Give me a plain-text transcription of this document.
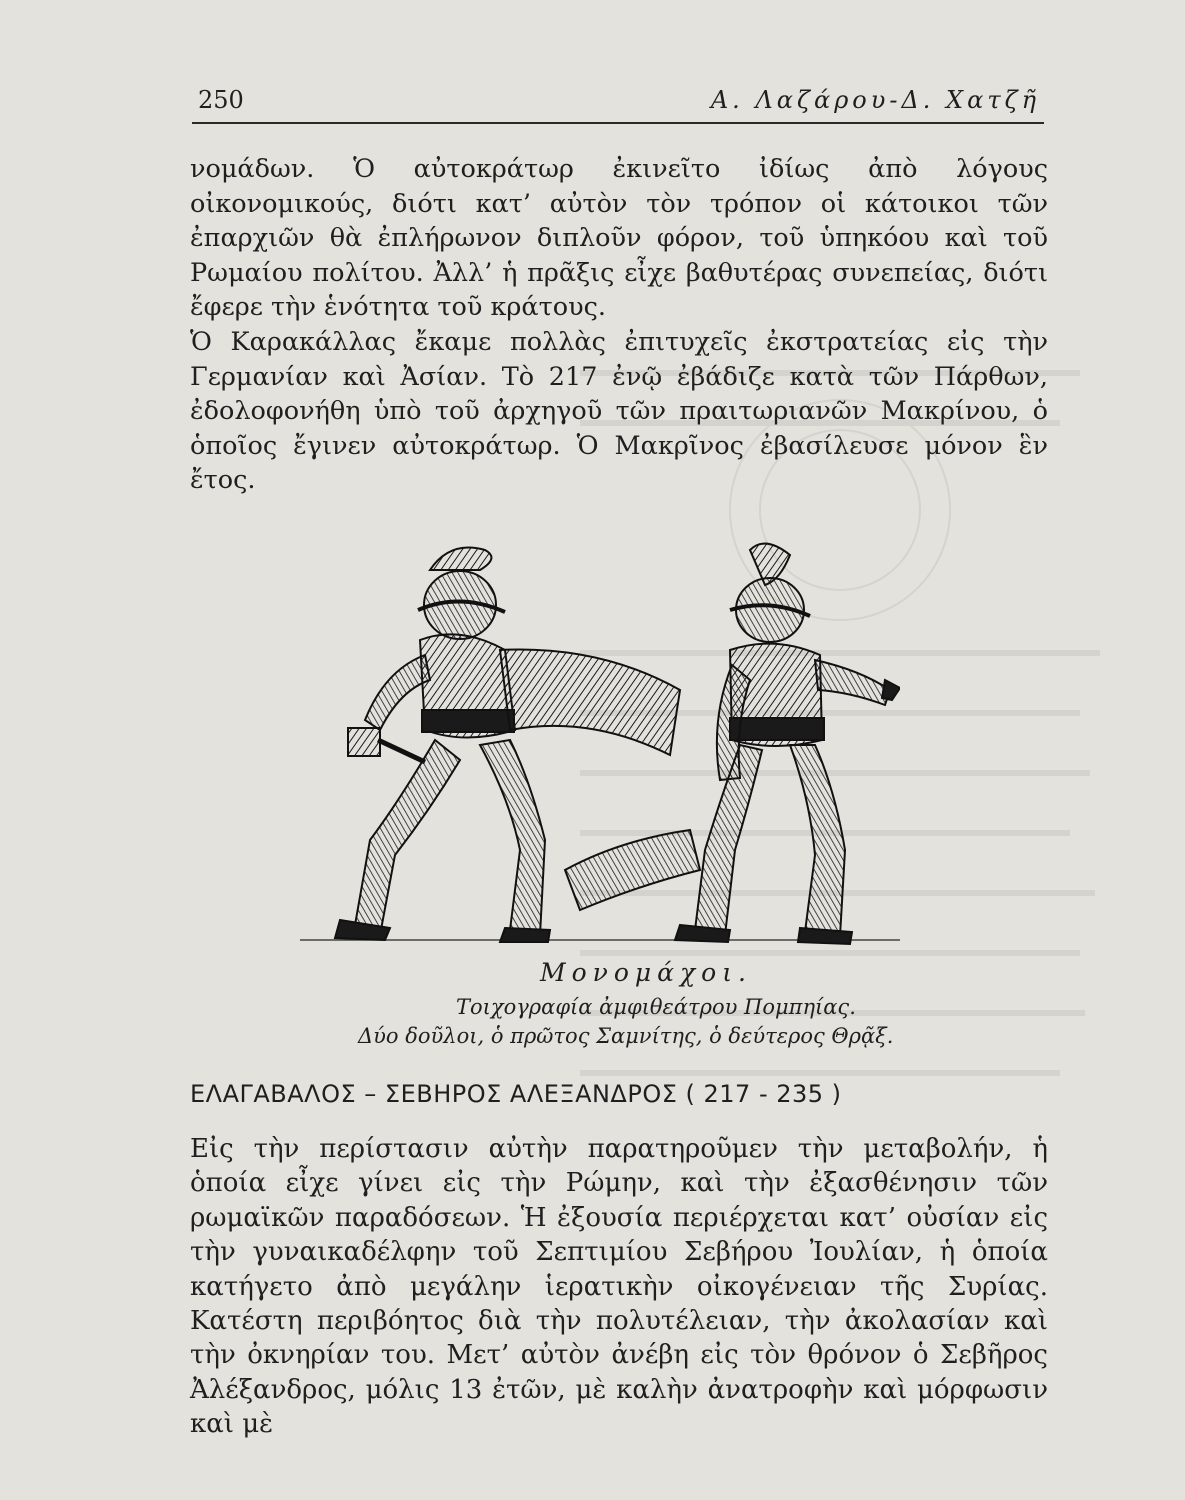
250	Α. Λαζάρου-Δ. Χατζῆ

νομάδων. Ὁ αὐτοκράτωρ ἐκινεῖτο ἰδίως ἀπὸ λόγους οἰκονομικούς, διότι κατ’ αὐτὸν τὸν τρόπον οἱ κάτοικοι τῶν ἐπαρχιῶν θὰ ἐπλήρωνον διπλοῦν φόρον, τοῦ ὑπηκόου καὶ τοῦ Ρωμαίου πολίτου. Ἀλλ’ ἡ πρᾶξις εἶχε βαθυτέρας συνεπείας, διότι ἔφερε τὴν ἑνότητα τοῦ κράτους.

Ὁ Καρακάλλας ἔκαμε πολλὰς ἐπιτυχεῖς ἐκστρατείας εἰς τὴν Γερμανίαν καὶ Ἀσίαν. Τὸ 217 ἐνῷ ἐβάδιζε κατὰ τῶν Πάρθων, ἐδολοφονήθη ὑπὸ τοῦ ἀρχηγοῦ τῶν πραιτωριανῶν Μακρίνου, ὁ ὁποῖος ἔγινεν αὐτοκράτωρ. Ὁ Μακρῖνος ἐβασίλευσε μόνον ἓν ἔτος.

Μονομάχοι.
Τοιχογραφία ἀμφιθεάτρου Πομπηίας.
Δύο δοῦλοι, ὁ πρῶτος Σαμνίτης, ὁ δεύτερος Θρᾷξ.
ΕΛΑΓΑΒΑΛΟΣ – ΣΕΒΗΡΟΣ ΑΛΕΞΑΝΔΡΟΣ ( 217 - 235 )

Εἰς τὴν περίστασιν αὐτὴν παρατηροῦμεν τὴν μεταβολήν, ἡ ὁποία εἶχε γίνει εἰς τὴν Ρώμην, καὶ τὴν ἐξασθένησιν τῶν ρωμαϊκῶν παραδόσεων. Ἡ ἐξουσία περιέρχεται κατ’ οὐσίαν εἰς τὴν γυναικαδέλφην τοῦ Σεπτιμίου Σεβήρου Ἰουλίαν, ἡ ὁποία κατήγετο ἀπὸ μεγάλην ἱερατικὴν οἰκογένειαν τῆς Συρίας. Κατέστη περιβόητος διὰ τὴν πολυτέλειαν, τὴν ἀκολασίαν καὶ τὴν ὀκνηρίαν του. Μετ’ αὐτὸν ἀνέβη εἰς τὸν θρόνον ὁ Σεβῆρος Ἀλέξανδρος, μόλις 13 ἐτῶν, μὲ καλὴν ἀνατροφὴν καὶ μόρφωσιν καὶ μὲ
